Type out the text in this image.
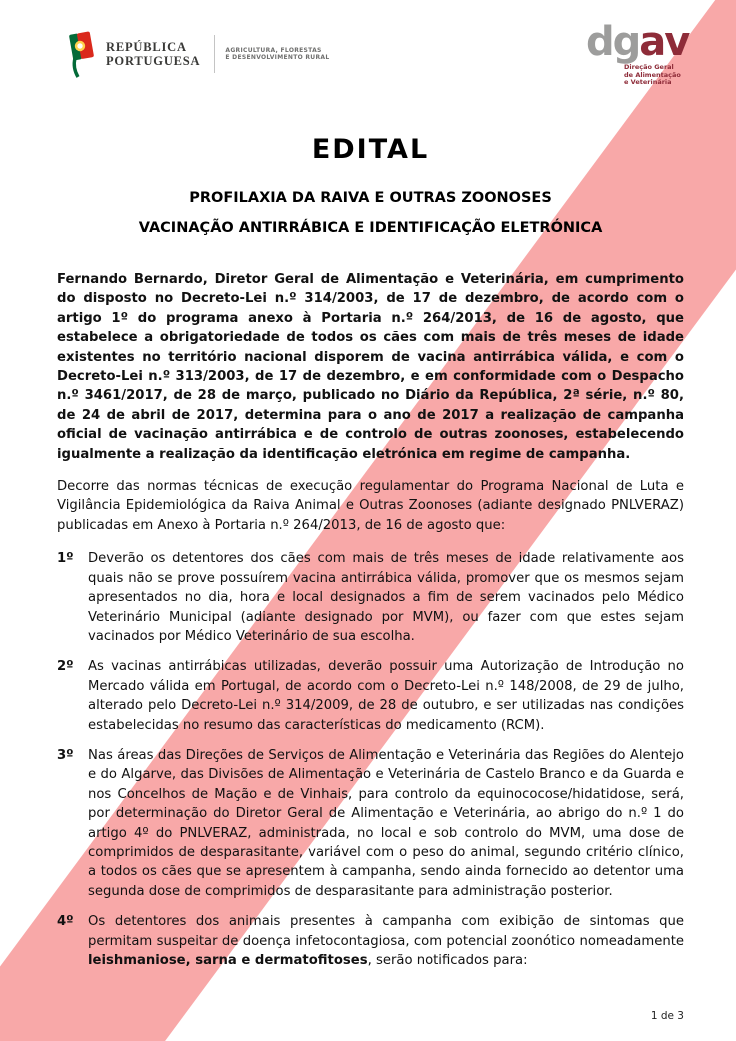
REPÚBLICA
PORTUGUESA
AGRICULTURA, FLORESTAS
E DESENVOLVIMENTO RURAL	dgav
Direção Geral
de Alimentação
e Veterinária
EDITAL
PROFILAXIA DA RAIVA E OUTRAS ZOONOSES
VACINAÇÃO ANTIRRÁBICA E IDENTIFICAÇÃO ELETRÓNICA
Fernando Bernardo, Diretor Geral de Alimentação e Veterinária, em cumprimento do disposto no Decreto-Lei n.º 314/2003, de 17 de dezembro, de acordo com o artigo 1º do programa anexo à Portaria n.º 264/2013, de 16 de agosto, que estabelece a obrigatoriedade de todos os cães com mais de três meses de idade existentes no território nacional disporem de vacina antirrábica válida, e com o Decreto-Lei n.º 313/2003, de 17 de dezembro, e em conformidade com o Despacho n.º 3461/2017, de 28 de março, publicado no Diário da República, 2ª série, n.º 80, de 24 de abril de 2017, determina para o ano de 2017 a realização de campanha oficial de vacinação antirrábica e de controlo de outras zoonoses, estabelecendo igualmente a realização da identificação eletrónica em regime de campanha.
Decorre das normas técnicas de execução regulamentar do Programa Nacional de Luta e Vigilância Epidemiológica da Raiva Animal e Outras Zoonoses (adiante designado PNLVERAZ) publicadas em Anexo à Portaria n.º 264/2013, de 16 de agosto que:
1º	Deverão os detentores dos cães com mais de três meses de idade relativamente aos quais não se prove possuírem vacina antirrábica válida, promover que os mesmos sejam apresentados no dia, hora e local designados a fim de serem vacinados pelo Médico Veterinário Municipal (adiante designado por MVM), ou fazer com que estes sejam vacinados por Médico Veterinário de sua escolha.
2º	As vacinas antirrábicas utilizadas, deverão possuir uma Autorização de Introdução no Mercado válida em Portugal, de acordo com o Decreto-Lei n.º 148/2008, de 29 de julho, alterado pelo Decreto-Lei n.º 314/2009, de 28 de outubro, e ser utilizadas nas condições estabelecidas no resumo das características do medicamento (RCM).
3º	Nas áreas das Direções de Serviços de Alimentação e Veterinária das Regiões do Alentejo e do Algarve, das Divisões de Alimentação e Veterinária de Castelo Branco e da Guarda e nos Concelhos de Mação e de Vinhais, para controlo da equinococose/hidatidose, será, por determinação do Diretor Geral de Alimentação e Veterinária, ao abrigo do n.º 1 do artigo 4º do PNLVERAZ, administrada, no local e sob controlo do MVM, uma dose de comprimidos de desparasitante, variável com o peso do animal, segundo critério clínico, a todos os cães que se apresentem à campanha, sendo ainda fornecido ao detentor uma segunda dose de comprimidos de desparasitante para administração posterior.
4º	Os detentores dos animais presentes à campanha com exibição de sintomas que permitam suspeitar de doença infetocontagiosa, com potencial zoonótico nomeadamente leishmaniose, sarna e dermatofitoses, serão notificados para:
1 de 3
